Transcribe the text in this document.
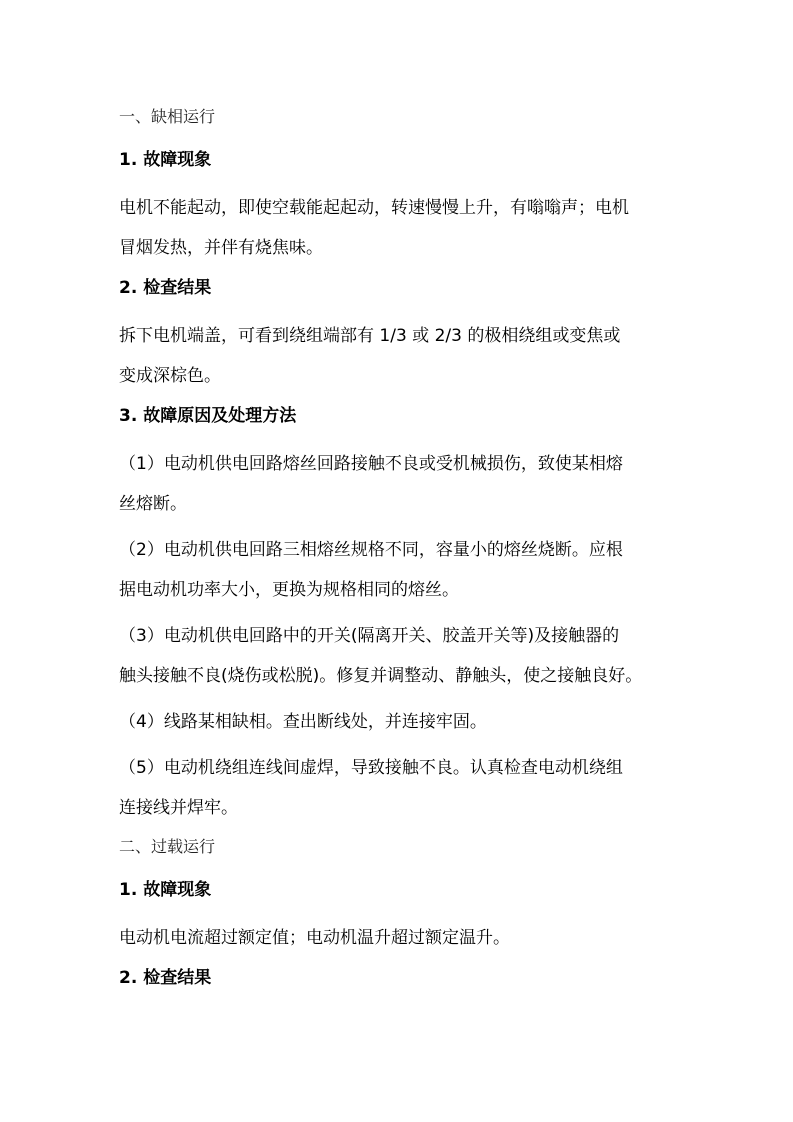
一、缺相运行
1. 故障现象
电机不能起动，即使空载能起起动，转速慢慢上升，有嗡嗡声；电机
冒烟发热，并伴有烧焦味。
2. 检查结果
拆下电机端盖，可看到绕组端部有 1/3 或 2/3 的极相绕组或变焦或
变成深棕色。
3. 故障原因及处理方法
（1）电动机供电回路熔丝回路接触不良或受机械损伤，致使某相熔
丝熔断。
（2）电动机供电回路三相熔丝规格不同，容量小的熔丝烧断。应根
据电动机功率大小，更换为规格相同的熔丝。
（3）电动机供电回路中的开关(隔离开关、胶盖开关等)及接触器的
触头接触不良(烧伤或松脱)。修复并调整动、静触头，使之接触良好。
（4）线路某相缺相。查出断线处，并连接牢固。
（5）电动机绕组连线间虚焊，导致接触不良。认真检查电动机绕组
连接线并焊牢。
二、过载运行
1. 故障现象
电动机电流超过额定值；电动机温升超过额定温升。
2. 检查结果
